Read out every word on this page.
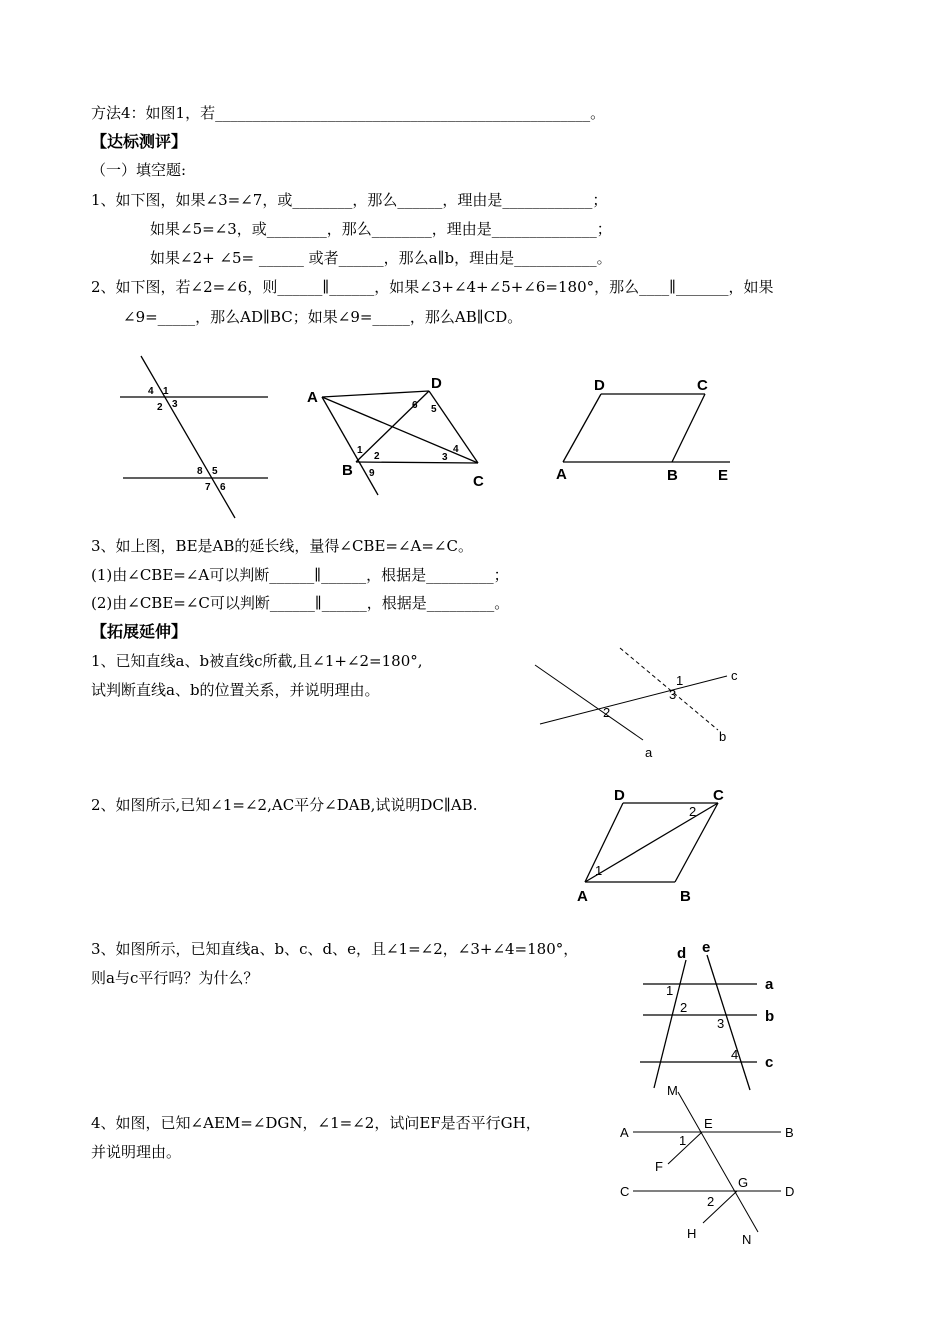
方法4：如图1，若__________________________________________________。
【达标测评】
（一）填空题:
1、如下图，如果∠3=∠7，或________，那么______，理由是____________；
如果∠5=∠3，或________，那么________，理由是______________；
如果∠2+ ∠5= ______ 或者______，那么a∥b，理由是___________。
2、如下图，若∠2=∠6，则______∥______，如果∠3+∠4+∠5+∠6=180°，那么____∥_______，如果
∠9=_____，那么AD∥BC；如果∠9=_____，那么AB∥CD。
4 1
2 3
8 5
7 6
A
D
6 5
1
2
4
3
B 9	C
D	C
A	B	E
3、如上图，BE是AB的延长线，量得∠CBE=∠A=∠C。
(1)由∠CBE=∠A可以判断______∥______，根据是_________；
(2)由∠CBE=∠C可以判断______∥______，根据是_________。
【拓展延伸】
1、已知直线a、b被直线c所截,且∠1+∠2=180°,
试判断直线a、b的位置关系，并说明理由。
2、如图所示,已知∠1=∠2,AC平分∠DAB,试说明DC∥AB.
3、如图所示，已知直线a、b、c、d、e，且∠1=∠2，∠3+∠4=180°，
则a与c平行吗？为什么？
4、如图，已知∠AEM=∠DGN，∠1=∠2，试问EF是否平行GH，
并说明理由。
1
3
c
2
a
b
D	C
2
1
A	B
d e
a
1
2
b
3
4 c
M
A
E
B
1
F
C
G
D
2
H	N
